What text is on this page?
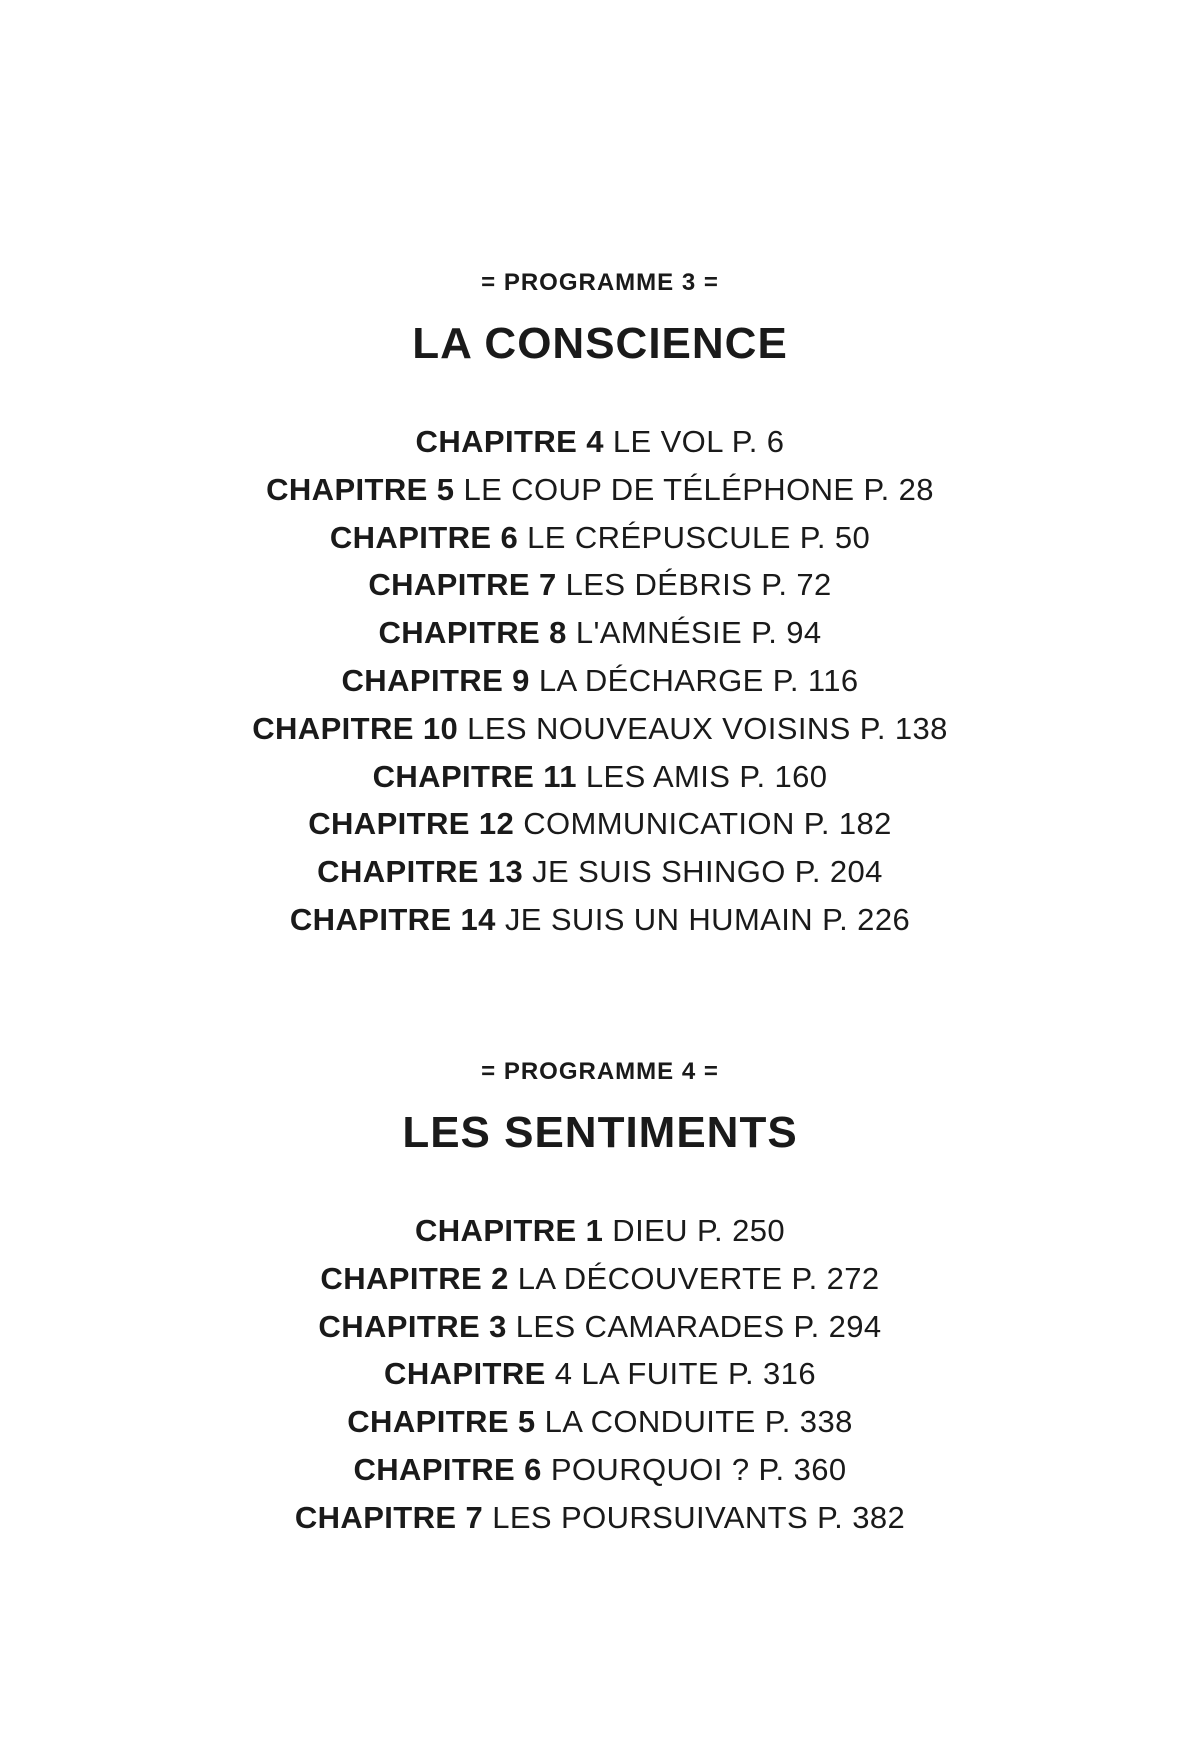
= PROGRAMME 3 =
LA CONSCIENCE
CHAPITRE 4 LE VOL P. 6
CHAPITRE 5 LE COUP DE TÉLÉPHONE P. 28
CHAPITRE 6 LE CRÉPUSCULE P. 50
CHAPITRE 7 LES DÉBRIS P. 72
CHAPITRE 8 L'AMNÉSIE P. 94
CHAPITRE 9 LA DÉCHARGE P. 116
CHAPITRE 10 LES NOUVEAUX VOISINS P. 138
CHAPITRE 11 LES AMIS P. 160
CHAPITRE 12 COMMUNICATION P. 182
CHAPITRE 13 JE SUIS SHINGO P. 204
CHAPITRE 14 JE SUIS UN HUMAIN P. 226
= PROGRAMME 4 =
LES SENTIMENTS
CHAPITRE 1 DIEU P. 250
CHAPITRE 2 LA DÉCOUVERTE P. 272
CHAPITRE 3 LES CAMARADES P. 294
CHAPITRE 4 LA FUITE P. 316
CHAPITRE 5 LA CONDUITE P. 338
CHAPITRE 6 POURQUOI ? P. 360
CHAPITRE 7 LES POURSUIVANTS P. 382
